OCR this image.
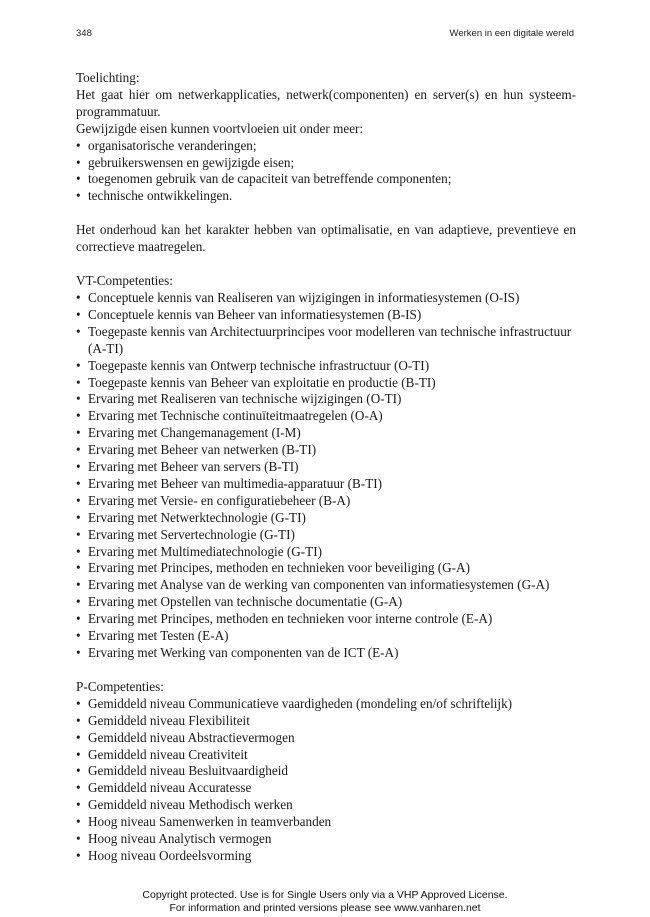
348	Werken in een digitale wereld

Toelichting:

Het gaat hier om netwerkapplicaties, netwerk(componenten) en server(s) en hun systeem-programmatuur.

Gewijzigde eisen kunnen voortvloeien uit onder meer:

• organisatorische veranderingen;
• gebruikerswensen en gewijzigde eisen;
• toegenomen gebruik van de capaciteit van betreffende componenten;
• technische ontwikkelingen.

Het onderhoud kan het karakter hebben van optimalisatie, en van adaptieve, preventieve en correctieve maatregelen.

VT-Competenties:

• Conceptuele kennis van Realiseren van wijzigingen in informatiesystemen (O-IS)
• Conceptuele kennis van Beheer van informatiesystemen (B-IS)
• Toegepaste kennis van Architectuurprincipes voor modelleren van technische infrastructuur (A-TI)
• Toegepaste kennis van Ontwerp technische infrastructuur (O-TI)
• Toegepaste kennis van Beheer van exploitatie en productie (B-TI)
• Ervaring met Realiseren van technische wijzigingen (O-TI)
• Ervaring met Technische continuïteitmaatregelen (O-A)
• Ervaring met Changemanagement (I-M)
• Ervaring met Beheer van netwerken (B-TI)
• Ervaring met Beheer van servers (B-TI)
• Ervaring met Beheer van multimedia-apparatuur (B-TI)
• Ervaring met Versie- en configuratiebeheer (B-A)
• Ervaring met Netwerktechnologie (G-TI)
• Ervaring met Servertechnologie (G-TI)
• Ervaring met Multimediatechnologie (G-TI)
• Ervaring met Principes, methoden en technieken voor beveiliging (G-A)
• Ervaring met Analyse van de werking van componenten van informatiesystemen (G-A)
• Ervaring met Opstellen van technische documentatie (G-A)
• Ervaring met Principes, methoden en technieken voor interne controle (E-A)
• Ervaring met Testen (E-A)
• Ervaring met Werking van componenten van de ICT (E-A)

P-Competenties:

• Gemiddeld niveau Communicatieve vaardigheden (mondeling en/of schriftelijk)
• Gemiddeld niveau Flexibiliteit
• Gemiddeld niveau Abstractievermogen
• Gemiddeld niveau Creativiteit
• Gemiddeld niveau Besluitvaardigheid
• Gemiddeld niveau Accuratesse
• Gemiddeld niveau Methodisch werken
• Hoog niveau Samenwerken in teamverbanden
• Hoog niveau Analytisch vermogen
• Hoog niveau Oordeelsvorming
Copyright protected. Use is for Single Users only via a VHP Approved License.
For information and printed versions please see www.vanharen.net
